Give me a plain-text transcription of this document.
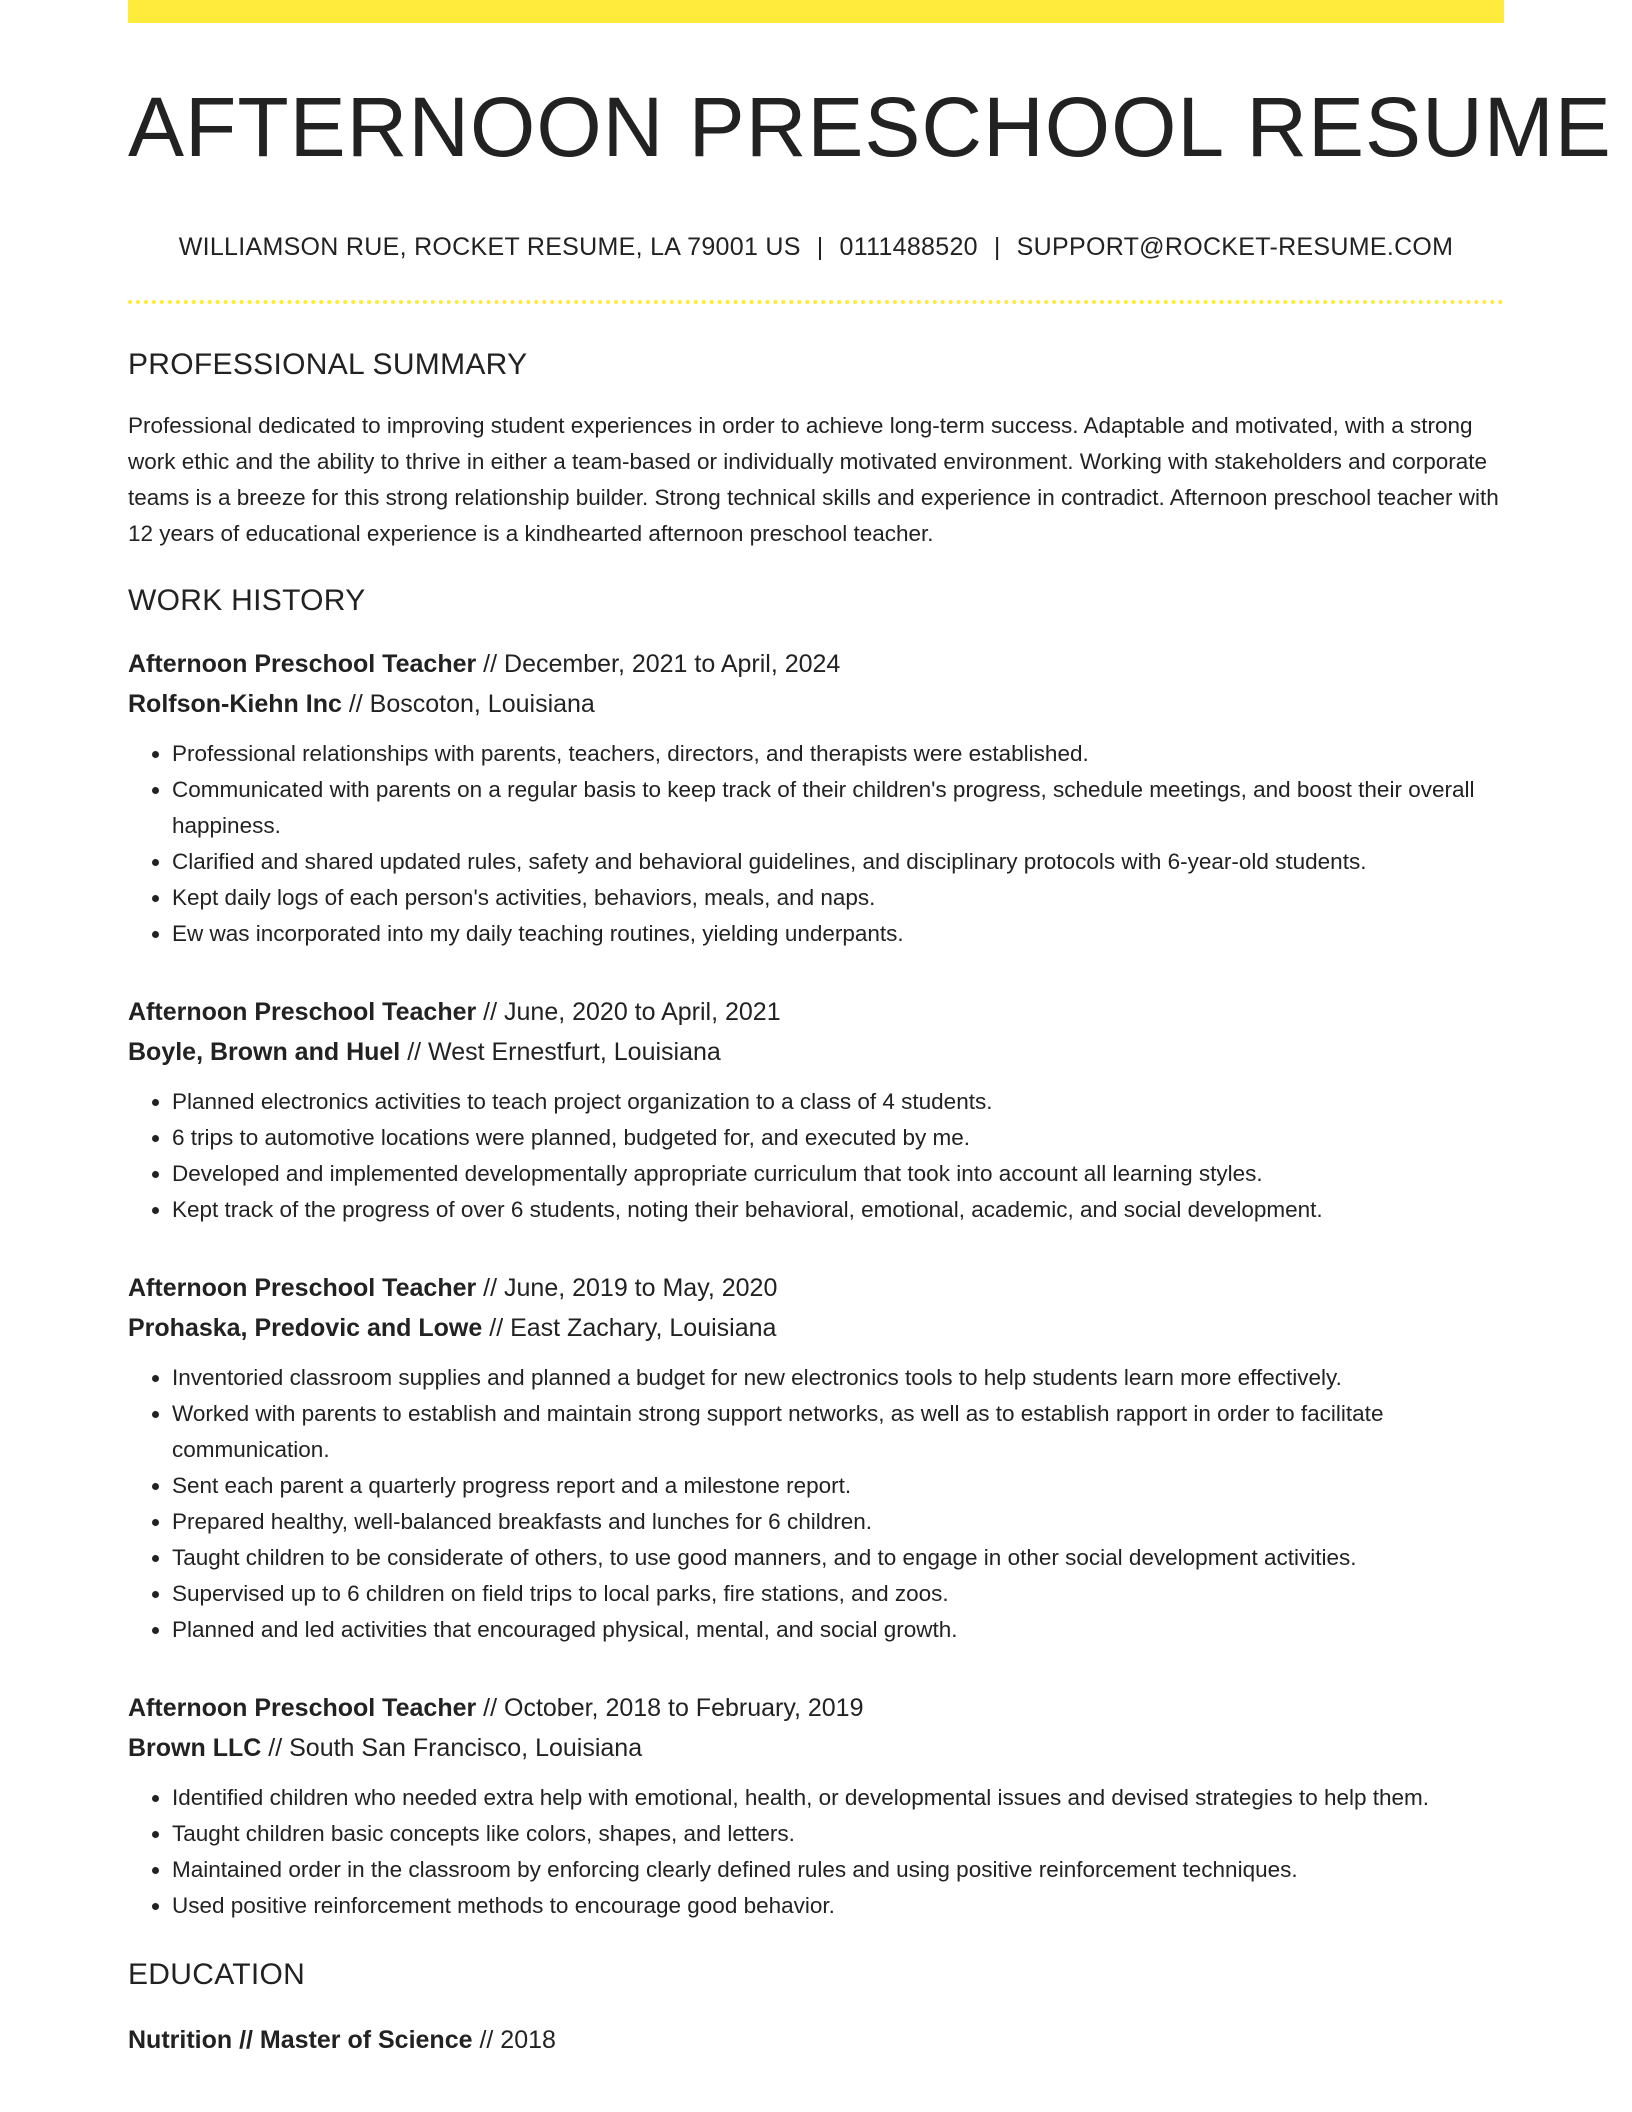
AFTERNOON PRESCHOOL RESUME
WILLIAMSON RUE, ROCKET RESUME, LA 79001 US | 0111488520 | SUPPORT@ROCKET-RESUME.COM
PROFESSIONAL SUMMARY
Professional dedicated to improving student experiences in order to achieve long-term success. Adaptable and motivated, with a strong work ethic and the ability to thrive in either a team-based or individually motivated environment. Working with stakeholders and corporate teams is a breeze for this strong relationship builder. Strong technical skills and experience in contradict. Afternoon preschool teacher with 12 years of educational experience is a kindhearted afternoon preschool teacher.
WORK HISTORY
Afternoon Preschool Teacher // December, 2021 to April, 2024
Rolfson-Kiehn Inc // Boscoton, Louisiana
• Professional relationships with parents, teachers, directors, and therapists were established.
• Communicated with parents on a regular basis to keep track of their children's progress, schedule meetings, and boost their overall happiness.
• Clarified and shared updated rules, safety and behavioral guidelines, and disciplinary protocols with 6-year-old students.
• Kept daily logs of each person's activities, behaviors, meals, and naps.
• Ew was incorporated into my daily teaching routines, yielding underpants.
Afternoon Preschool Teacher // June, 2020 to April, 2021
Boyle, Brown and Huel // West Ernestfurt, Louisiana
• Planned electronics activities to teach project organization to a class of 4 students.
• 6 trips to automotive locations were planned, budgeted for, and executed by me.
• Developed and implemented developmentally appropriate curriculum that took into account all learning styles.
• Kept track of the progress of over 6 students, noting their behavioral, emotional, academic, and social development.
Afternoon Preschool Teacher // June, 2019 to May, 2020
Prohaska, Predovic and Lowe // East Zachary, Louisiana
• Inventoried classroom supplies and planned a budget for new electronics tools to help students learn more effectively.
• Worked with parents to establish and maintain strong support networks, as well as to establish rapport in order to facilitate communication.
• Sent each parent a quarterly progress report and a milestone report.
• Prepared healthy, well-balanced breakfasts and lunches for 6 children.
• Taught children to be considerate of others, to use good manners, and to engage in other social development activities.
• Supervised up to 6 children on field trips to local parks, fire stations, and zoos.
• Planned and led activities that encouraged physical, mental, and social growth.
Afternoon Preschool Teacher // October, 2018 to February, 2019
Brown LLC // South San Francisco, Louisiana
• Identified children who needed extra help with emotional, health, or developmental issues and devised strategies to help them.
• Taught children basic concepts like colors, shapes, and letters.
• Maintained order in the classroom by enforcing clearly defined rules and using positive reinforcement techniques.
• Used positive reinforcement methods to encourage good behavior.
EDUCATION
Nutrition // Master of Science // 2018
